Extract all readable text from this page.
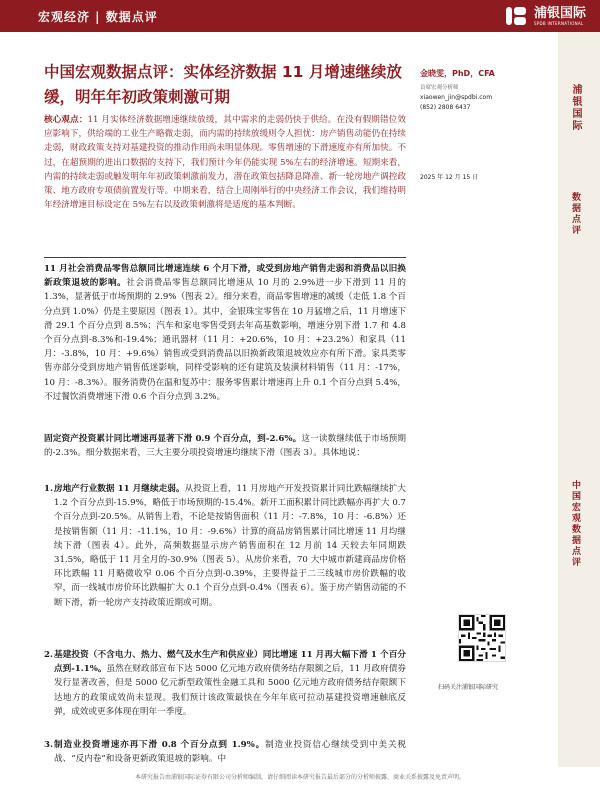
宏观经济 | 数据点评	浦银国际
SPDB INTERNATIONAL
中国宏观数据点评：实体经济数据 11 月增速继续放缓，明年年初政策刺激可期
金晓雯，PhD，CFA
首席宏观分析师
xiaowen_jin@spdbi.com
(852) 2808 6437
2025 年 12 月 15 日
浦银国际
数据点评
中国宏观数据点评
核心观点：11 月实体经济数据增速继续放缓，其中需求的走弱仍快于供给。在没有假期错位效应影响下，供给端的工业生产略微走弱，而内需的持续放缓则令人担忧：房产销售动能仍在持续走弱，财政政策支持对基建投资的推动作用尚未明显体现。零售增速的下滑速度亦有所加快。不过，在超预期的进出口数据的支持下，我们预计今年仍能实现 5%左右的经济增速。短期来看，内需的持续走弱或触发明年年初政策刺激前发力，潜在政策包括降息降准、新一轮房地产调控政策、地方政府专项债前置发行等。中期来看，结合上周刚举行的中央经济工作会议，我们维持明年经济增速目标设定在 5%左右以及政策刺激将是适度的基本判断。
11 月社会消费品零售总额同比增速连续 6 个月下滑，或受到房地产销售走弱和消费品以旧换新政策退坡的影响。社会消费品零售总额同比增速从 10 月的 2.9%进一步下滑到 11 月的 1.3%，显著低于市场预期的 2.9%（图表 2）。细分来看，商品零售增速的减缓（走低 1.8 个百分点到 1.0%）仍是主要原因（图表 1）。其中，金银珠宝零售在 10 月猛增之后，11 月增速下滑 29.1 个百分点到 8.5%；汽车和家电零售受到去年高基数影响，增速分别下滑 1.7 和 4.8 个百分点到-8.3%和-19.4%；通讯器材（11 月：+20.6%，10 月：+23.2%）和家具（11 月：-3.8%，10 月：+9.6%）销售或受到消费品以旧换新政策退坡效应亦有所下滑。家具类零售亦部分受到房地产销售低迷影响，同样受影响的还有建筑及装潢材料销售（11 月：-17%，10 月：-8.3%）。服务消费仍在温和复苏中：服务零售累计增速再上升 0.1 个百分点到 5.4%，不过餐饮消费增速下滑 0.6 个百分点到 3.2%。
固定资产投资累计同比增速再显著下滑 0.9 个百分点，到-2.6%。这一读数继续低于市场预期的-2.3%。细分数据来看，三大主要分项投资增速均继续下滑（图表 3）。具体地说：
1. 房地产行业数据 11 月继续走弱。从投资上看，11 月房地产开发投资累计同比跌幅继续扩大 1.2 个百分点到-15.9%，略低于市场预期的-15.4%。新开工面积累计同比跌幅亦再扩大 0.7 个百分点到-20.5%。从销售上看，不论是按销售面积（11 月：-7.8%，10 月：-6.8%）还是按销售额（11 月：-11.1%，10 月：-9.6%）计算的商品房销售累计同比增速 11 月均继续下滑（图表 4）。此外，高频数据显示房产销售面积在 12 月前 14 天较去年同期跌 31.5%，略低于 11 月全月的-30.9%（图表 5）。从房价来看，70 大中城市新建商品房价格环比跌幅 11 月略微收窄 0.06 个百分点到-0.39%，主要得益于二三线城市房价跌幅的收窄，而一线城市房价环比跌幅扩大 0.1 个百分点到-0.4%（图表 6）。鉴于房产销售动能的不断下滑，新一轮房产支持政策近期或可期。
2. 基建投资（不含电力、热力、燃气及水生产和供应业）同比增速 11 月再大幅下滑 1 个百分点到-1.1%。虽然在财政部宣布下达 5000 亿元地方政府债务结存限额之后，11 月政府债券发行显著改善，但是 5000 亿元新型政策性金融工具和 5000 亿元地方政府债务结存限额下达地方的政策成效尚未显现。我们预计该政策最快在今年年底可拉动基建投资增速触底反弹，成效或更多体现在明年一季度。
3. 制造业投资增速亦再下滑 0.8 个百分点到 1.9%。制造业投资信心继续受到中美关税战、“反内卷”和设备更新政策退坡的影响。中
扫码关注浦银国际研究
本研究报告由浦银国际证券有限公司分析师编制，请仔细阅读本研究报告最后部分的分析师披露、商业关系披露及免责声明。
